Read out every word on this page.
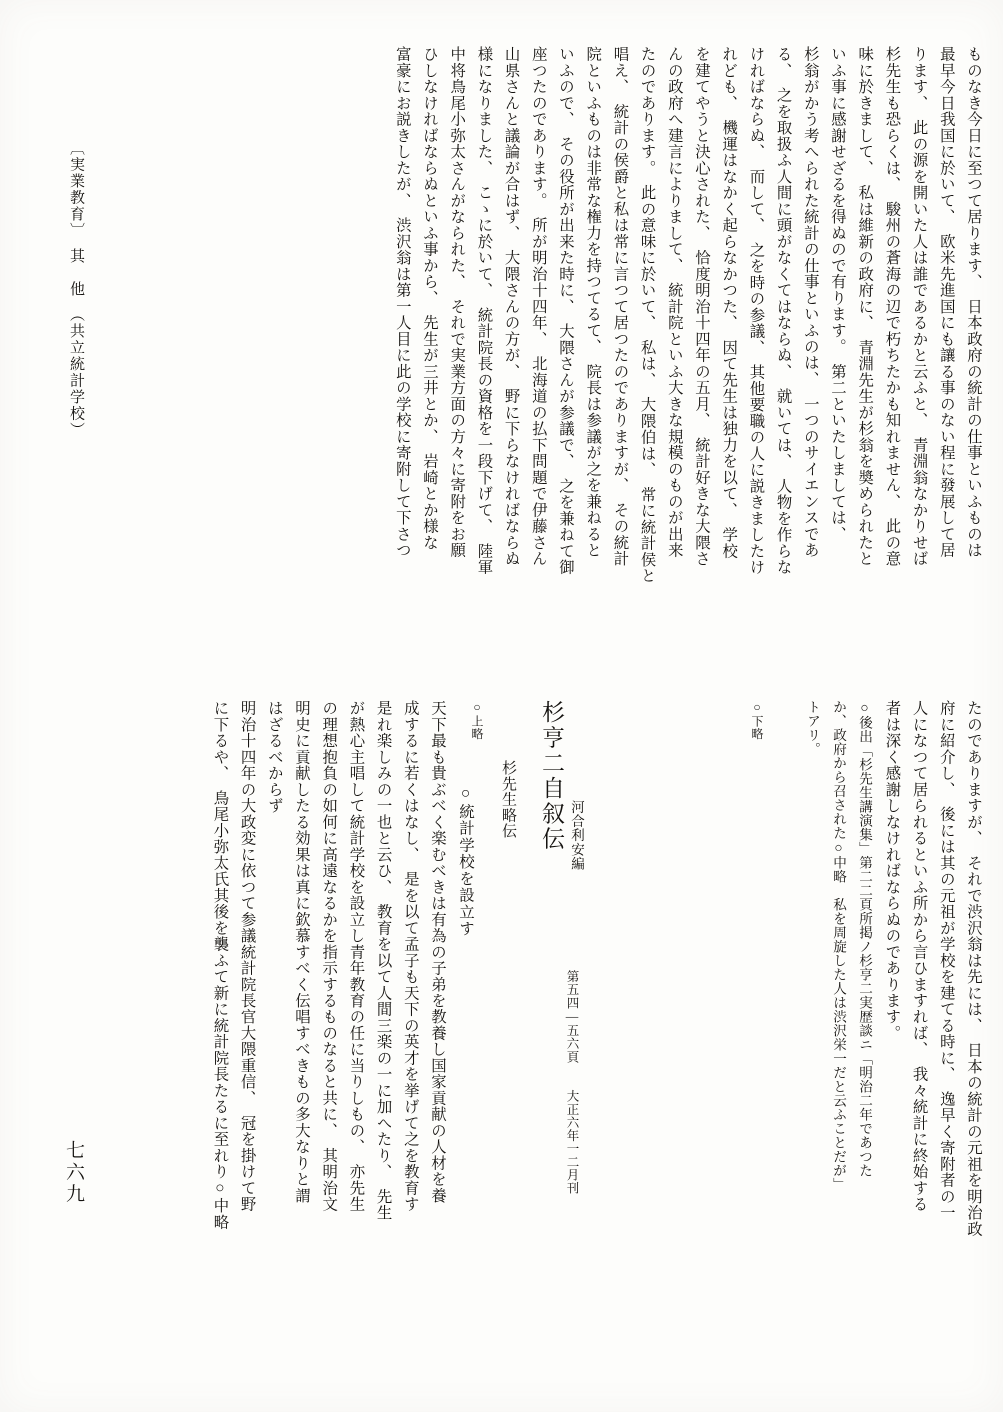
〔実業教育〕　其　他　（共立統計学校）
七六九
ものなき今日に至つて居ります、　日本政府の統計の仕事といふものは
最早今日我国に於いて、　欧米先進国にも讓る事のない程に發展して居
ります、　此の源を開いた人は誰であるかと云ふと、　青淵翁なかりせば
杉先生も恐らくは、　駿州の蒼海の辺で朽ちたかも知れません、　此の意
味に於きまして、　私は維新の政府に、　青淵先生が杉翁を奬められたと
いふ事に感謝せざるを得ぬので有ります。　第二といたしましては、
杉翁がかう考へられた統計の仕事といふのは、　一つのサイエンスであ
る、　之を取扱ふ人間に頭がなくてはならぬ、　就いては、　人物を作らな
ければならぬ、　而して、　之を時の参議、　其他要職の人に説きましたけ
れども、　機運はなかく起らなかつた、　因て先生は独力を以て、　学校
を建てやうと決心された、　恰度明治十四年の五月、　統計好きな大隈さ
んの政府へ建言によりまして、　統計院といふ大きな規模のものが出来
たのであります。　此の意味に於いて、　私は、　大隈伯は、　常に統計侯と
唱え、　統計の侯爵と私は常に言つて居つたのでありますが、　その統計
院といふものは非常な権力を持つてるて、　院長は参議が之を兼ねると
いふので、　その役所が出来た時に、　大隈さんが参議で、　之を兼ねて御
座つたのであります。　所が明治十四年、　北海道の払下問題で伊藤さん
山県さんと議論が合はず、　大隈さんの方が、　野に下らなければならぬ
様になりました、　こゝに於いて、　統計院長の資格を一段下げて、　陸軍
中将鳥尾小弥太さんがなられた、　それで実業方面の方々に寄附をお願
ひしなければならぬといふ事から、　先生が三井とか、　岩崎とか様な
富豪にお説きしたが、　渋沢翁は第一人目に此の学校に寄附して下さつ
たのでありますが、　それで渋沢翁は先には、　日本の統計の元祖を明治政
府に紹介し、　後には其の元祖が学校を建てる時に、　逸早く寄附者の一
人になつて居られるといふ所から言ひますれば、　我々統計に終始する
者は深く感謝しなければならぬのであります。
○後出「杉先生講演集」第二二頁所掲ノ杉亨二実歴談ニ「明治二年であつた
か、政府から召された○中略　私を周旋した人は渋沢栄一だと云ふことだが」
トアリ。
○下略
○上略 杉亨二自叙伝 河合利安編
第五四—五六頁　　大正六年一二月刊
杉先生略伝
○統計学校を設立す
天下最も貴ぶべく楽むべきは有為の子弟を教養し国家貢献の人材を養
成するに若くはなし、　是を以て孟子も天下の英才を挙げて之を教育す
是れ楽しみの一也と云ひ、　教育を以て人間三楽の一に加へたり、　先生
が熱心主唱して統計学校を設立し青年教育の任に当りしもの、　亦先生
の理想抱負の如何に高遠なるかを指示するものなると共に、　其明治文
明史に貢献したる効果は真に欽慕すべく伝唱すべきもの多大なりと謂
はざるべからず
明治十四年の大政変に依つて参議統計院長官大隈重信、　冠を掛けて野
に下るや、　鳥尾小弥太氏其後を襲ふて新に統計院長たるに至れり○中略
